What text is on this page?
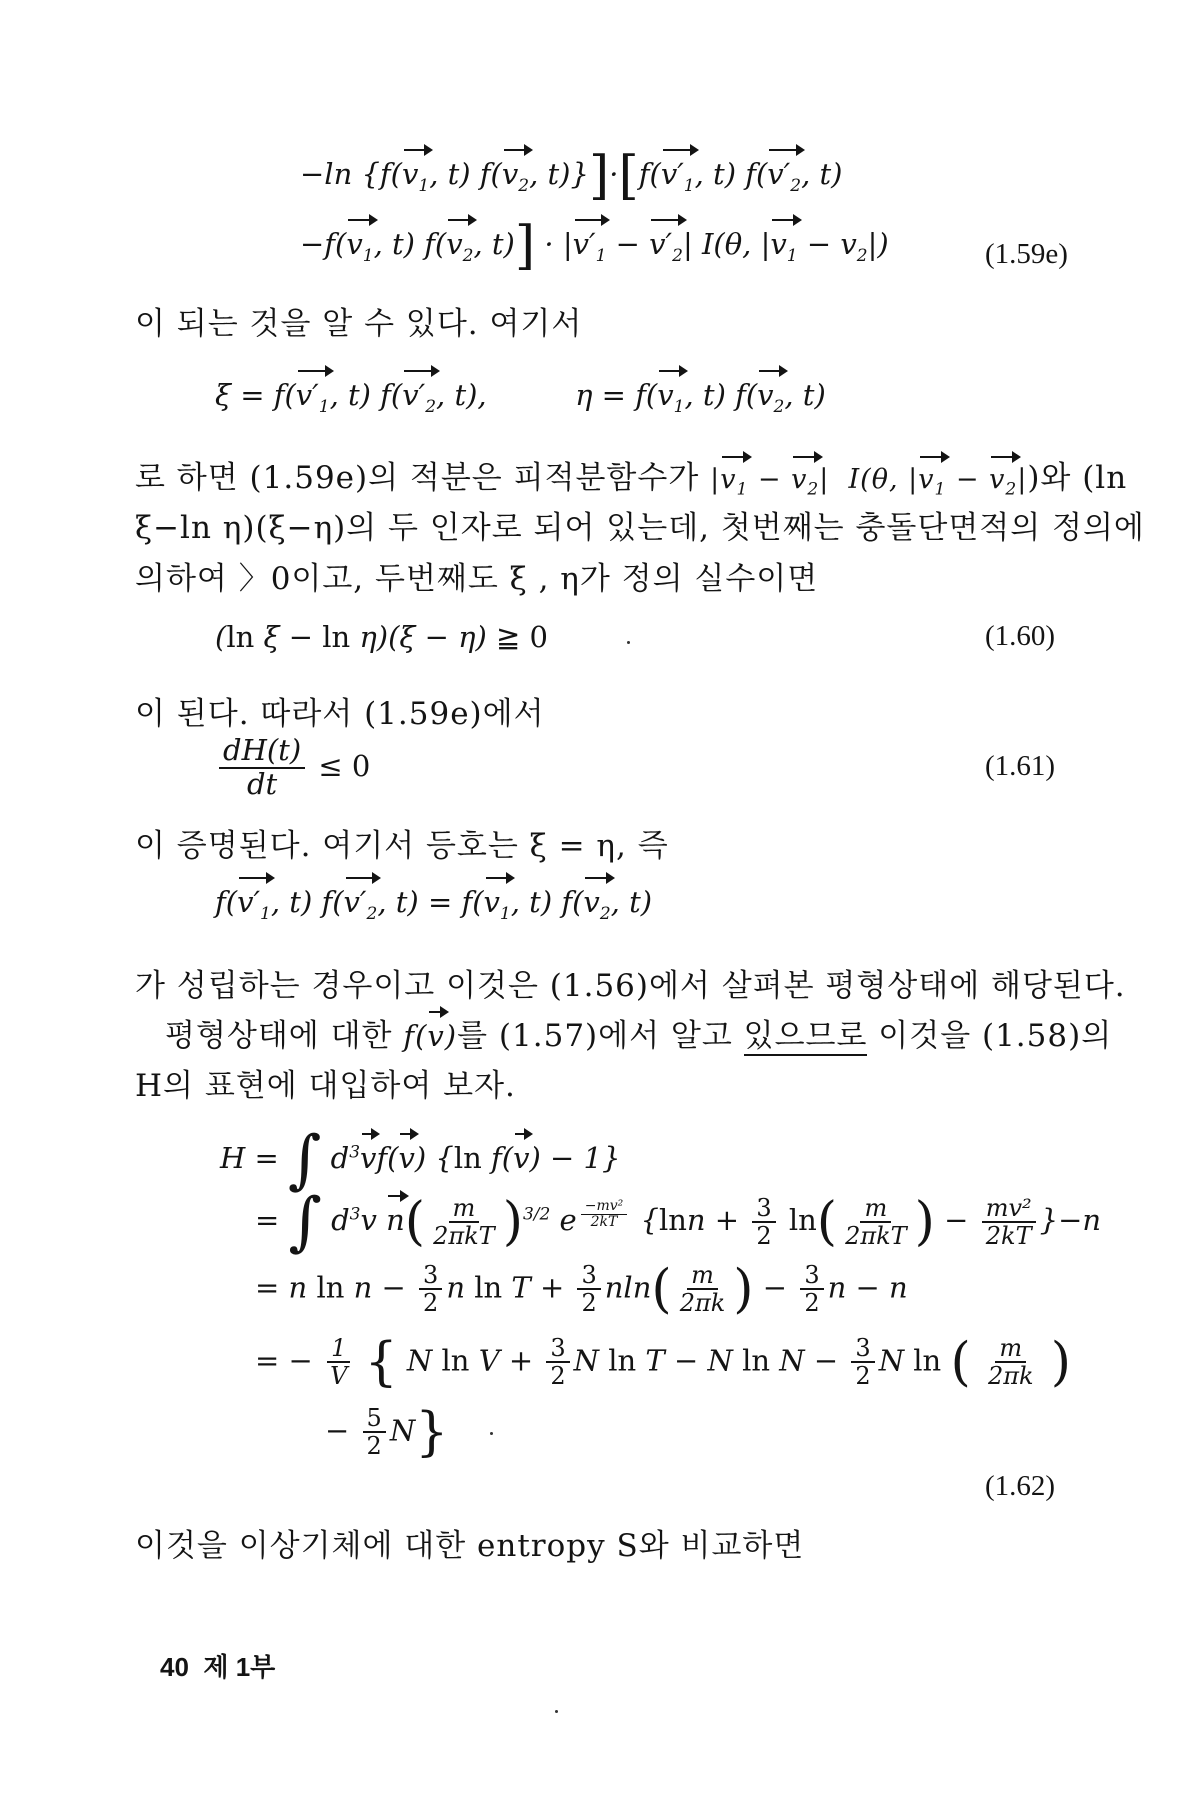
−ln {$f(v_1$, t) $f(v_2$, $t)\}]\cdot[f(v'_1$, t) $f(v'_2$, t)
$-f(v_1$, t) $f(v_2$, $t)] \cdot |v'_1 - v'_2|$ I(θ, $|v_1 - v_2|$)	(1.59e)
이 되는 것을 알 수 있다. 여기서
$\xi = f(v'_1$, t) $f(v'_2$, t),  $\eta = f(v_1$, t) $f(v_2$, t)
로 하면 (1.59e)의 적분은 피적분함수가 $|v_1 - v_2|$  I(θ, $|v_1 - v_2|$)와 (ln
ξ−ln η)(ξ−η)의 두 인자로 되어 있는데, 첫번째는 충돌단면적의 정의에
의하여 〉0이고, 두번째도 ξ , η가 정의 실수이면
(ln ξ − ln η)(ξ − η) ≧ 0	(1.60)
이 된다. 따라서 (1.59e)에서
$\frac{dH(t)}{dt} \le 0$	(1.61)
이 증명된다. 여기서 등호는 ξ = η, 즉
$f(v'_1$, t) $f(v'_2$, $t) = f(v_1$, t) $f(v_2$, t)
가 성립하는 경우이고 이것은 (1.56)에서 살펴본 평형상태에 해당된다.
평형상태에 대한 f(v)를 (1.57)에서 알고 있으므로 이것을 (1.58)의
H의 표현에 대입하여 보자.
H = ∫ $d^3vf(v)$ {ln f(v) − 1}
= ∫ $d^3v$ $n( \frac{m}{\text{2πkT}} )^{3/2}$ e $^{\frac{\text{−mv²}}{2kT}}$ {$\ln n + \frac{3}{2} \ln( \frac{m}{\text{2πkT}}$ ) − $\frac{\text{mv²}}{2kT} \}-n$
= n $\ln n - \frac{3}{2}$ n $\ln T + \frac{3}{2} nln( \frac{m}{2\pi k}$ ) − $\frac{3}{2}$ n − n
= − $\frac{1}{V}$ { N $\ln V + \frac{3}{2}$ N ln T − N $\ln N - \frac{3}{2}$ N ln ( $\frac{m}{2\pi k}$ )
− $\frac{5}{2} N$}
(1.62)
이것을 이상기체에 대한 entropy S와 비교하면
40 제 1부
